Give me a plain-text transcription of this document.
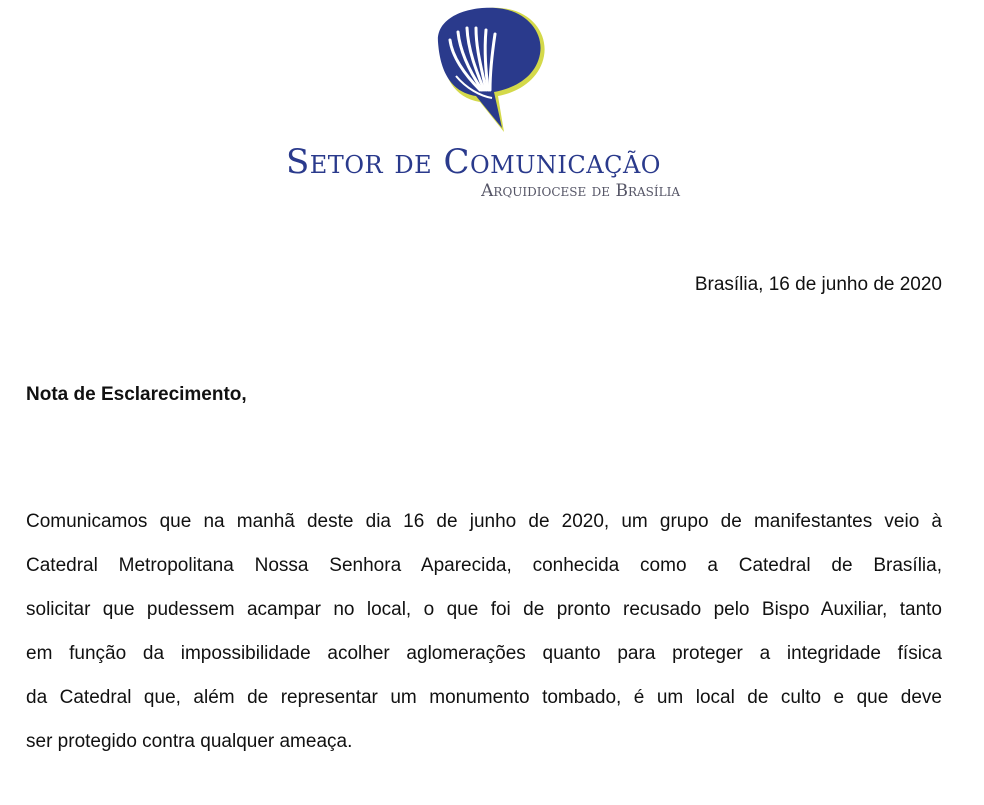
Setor de Comunicação
Arquidiocese de Brasília
Brasília, 16 de junho de 2020
Nota de Esclarecimento,
Comunicamos que na manhã deste dia 16 de junho de 2020, um grupo de manifestantes veio à
Catedral Metropolitana Nossa Senhora Aparecida, conhecida como a Catedral de Brasília,
solicitar que pudessem acampar no local, o que foi de pronto recusado pelo Bispo Auxiliar, tanto
em função da impossibilidade acolher aglomerações quanto para proteger a integridade física
da Catedral que, além de representar um monumento tombado, é um local de culto e que deve
ser protegido contra qualquer ameaça.
